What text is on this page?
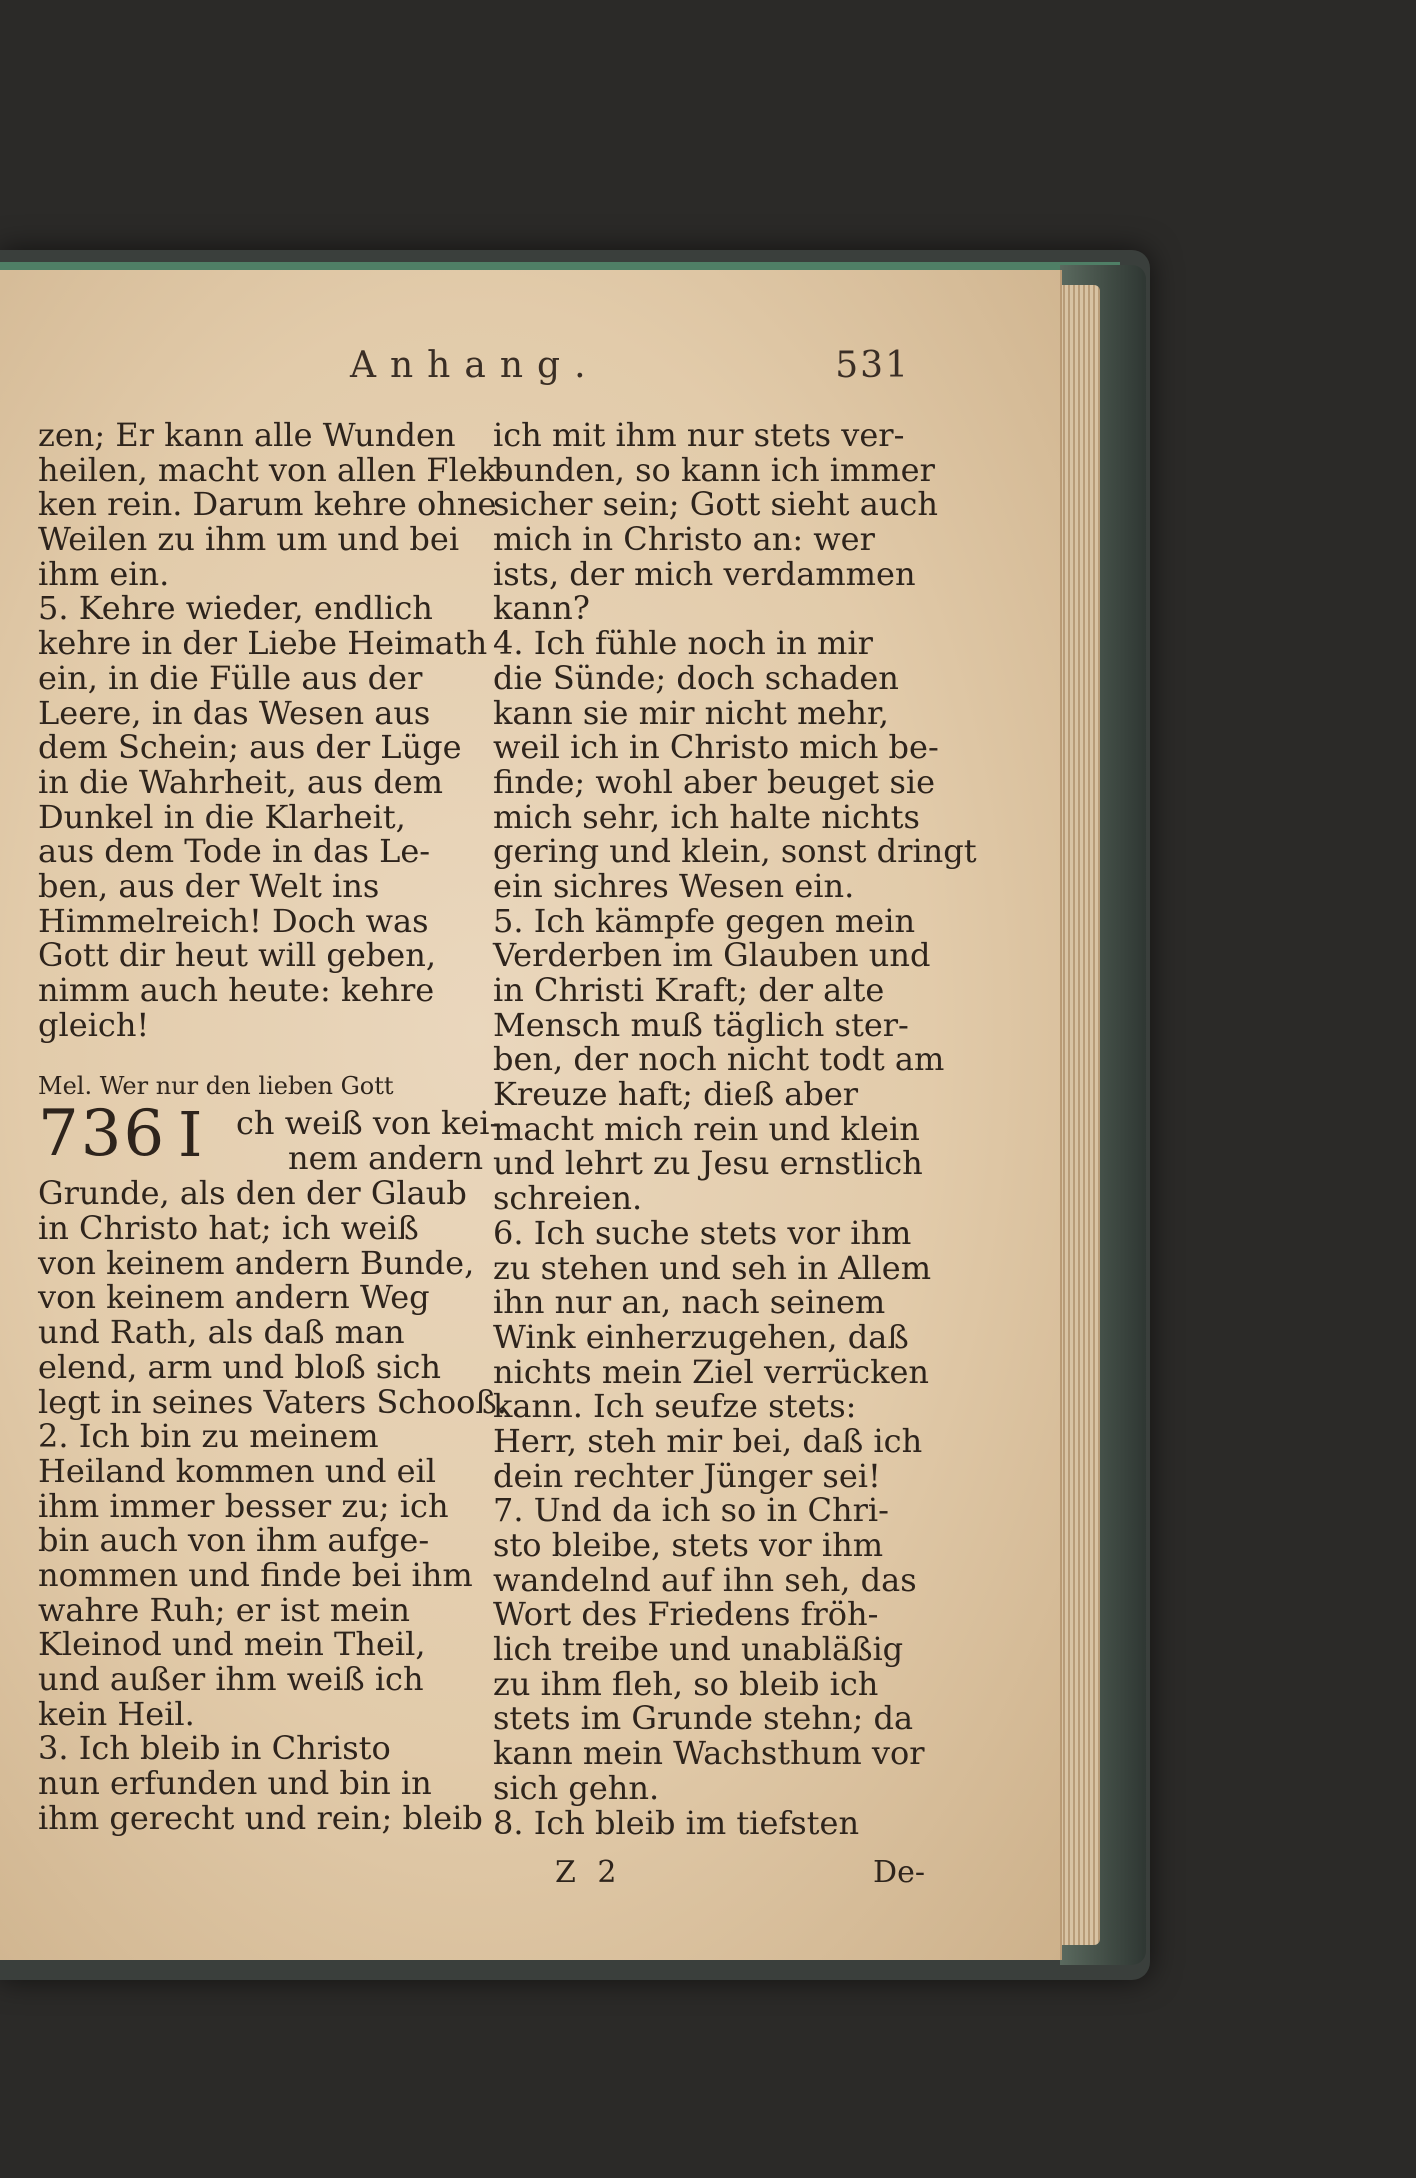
Anhang.	531
zen; Er kann alle Wunden
heilen, macht von allen Flek-
ken rein. Darum kehre ohne
Weilen zu ihm um und bei
ihm ein.
5. Kehre wieder, endlich
kehre in der Liebe Heimath
ein, in die Fülle aus der
Leere, in das Wesen aus
dem Schein; aus der Lüge
in die Wahrheit, aus dem
Dunkel in die Klarheit,
aus dem Tode in das Le-
ben, aus der Welt ins
Himmelreich! Doch was
Gott dir heut will geben,
nimm auch heute: kehre
gleich!
Mel. Wer nur den lieben Gott
736 I ch weiß von kei-
nem andern
Grunde, als den der Glaub
in Christo hat; ich weiß
von keinem andern Bunde,
von keinem andern Weg
und Rath, als daß man
elend, arm und bloß sich
legt in seines Vaters Schooß.
2. Ich bin zu meinem
Heiland kommen und eil
ihm immer besser zu; ich
bin auch von ihm aufge-
nommen und finde bei ihm
wahre Ruh; er ist mein
Kleinod und mein Theil,
und außer ihm weiß ich
kein Heil.
3. Ich bleib in Christo
nun erfunden und bin in
ihm gerecht und rein; bleib
ich mit ihm nur stets ver-
bunden, so kann ich immer
sicher sein; Gott sieht auch
mich in Christo an: wer
ists, der mich verdammen
kann?
4. Ich fühle noch in mir
die Sünde; doch schaden
kann sie mir nicht mehr,
weil ich in Christo mich be-
finde; wohl aber beuget sie
mich sehr, ich halte nichts
gering und klein, sonst dringt
ein sichres Wesen ein.
5. Ich kämpfe gegen mein
Verderben im Glauben und
in Christi Kraft; der alte
Mensch muß täglich ster-
ben, der noch nicht todt am
Kreuze haft; dieß aber
macht mich rein und klein
und lehrt zu Jesu ernstlich
schreien.
6. Ich suche stets vor ihm
zu stehen und seh in Allem
ihn nur an, nach seinem
Wink einherzugehen, daß
nichts mein Ziel verrücken
kann. Ich seufze stets:
Herr, steh mir bei, daß ich
dein rechter Jünger sei!
7. Und da ich so in Chri-
sto bleibe, stets vor ihm
wandelnd auf ihn seh, das
Wort des Friedens fröh-
lich treibe und unabläßig
zu ihm fleh, so bleib ich
stets im Grunde stehn; da
kann mein Wachsthum vor
sich gehn.
8. Ich bleib im tiefsten
Z 2	De-
